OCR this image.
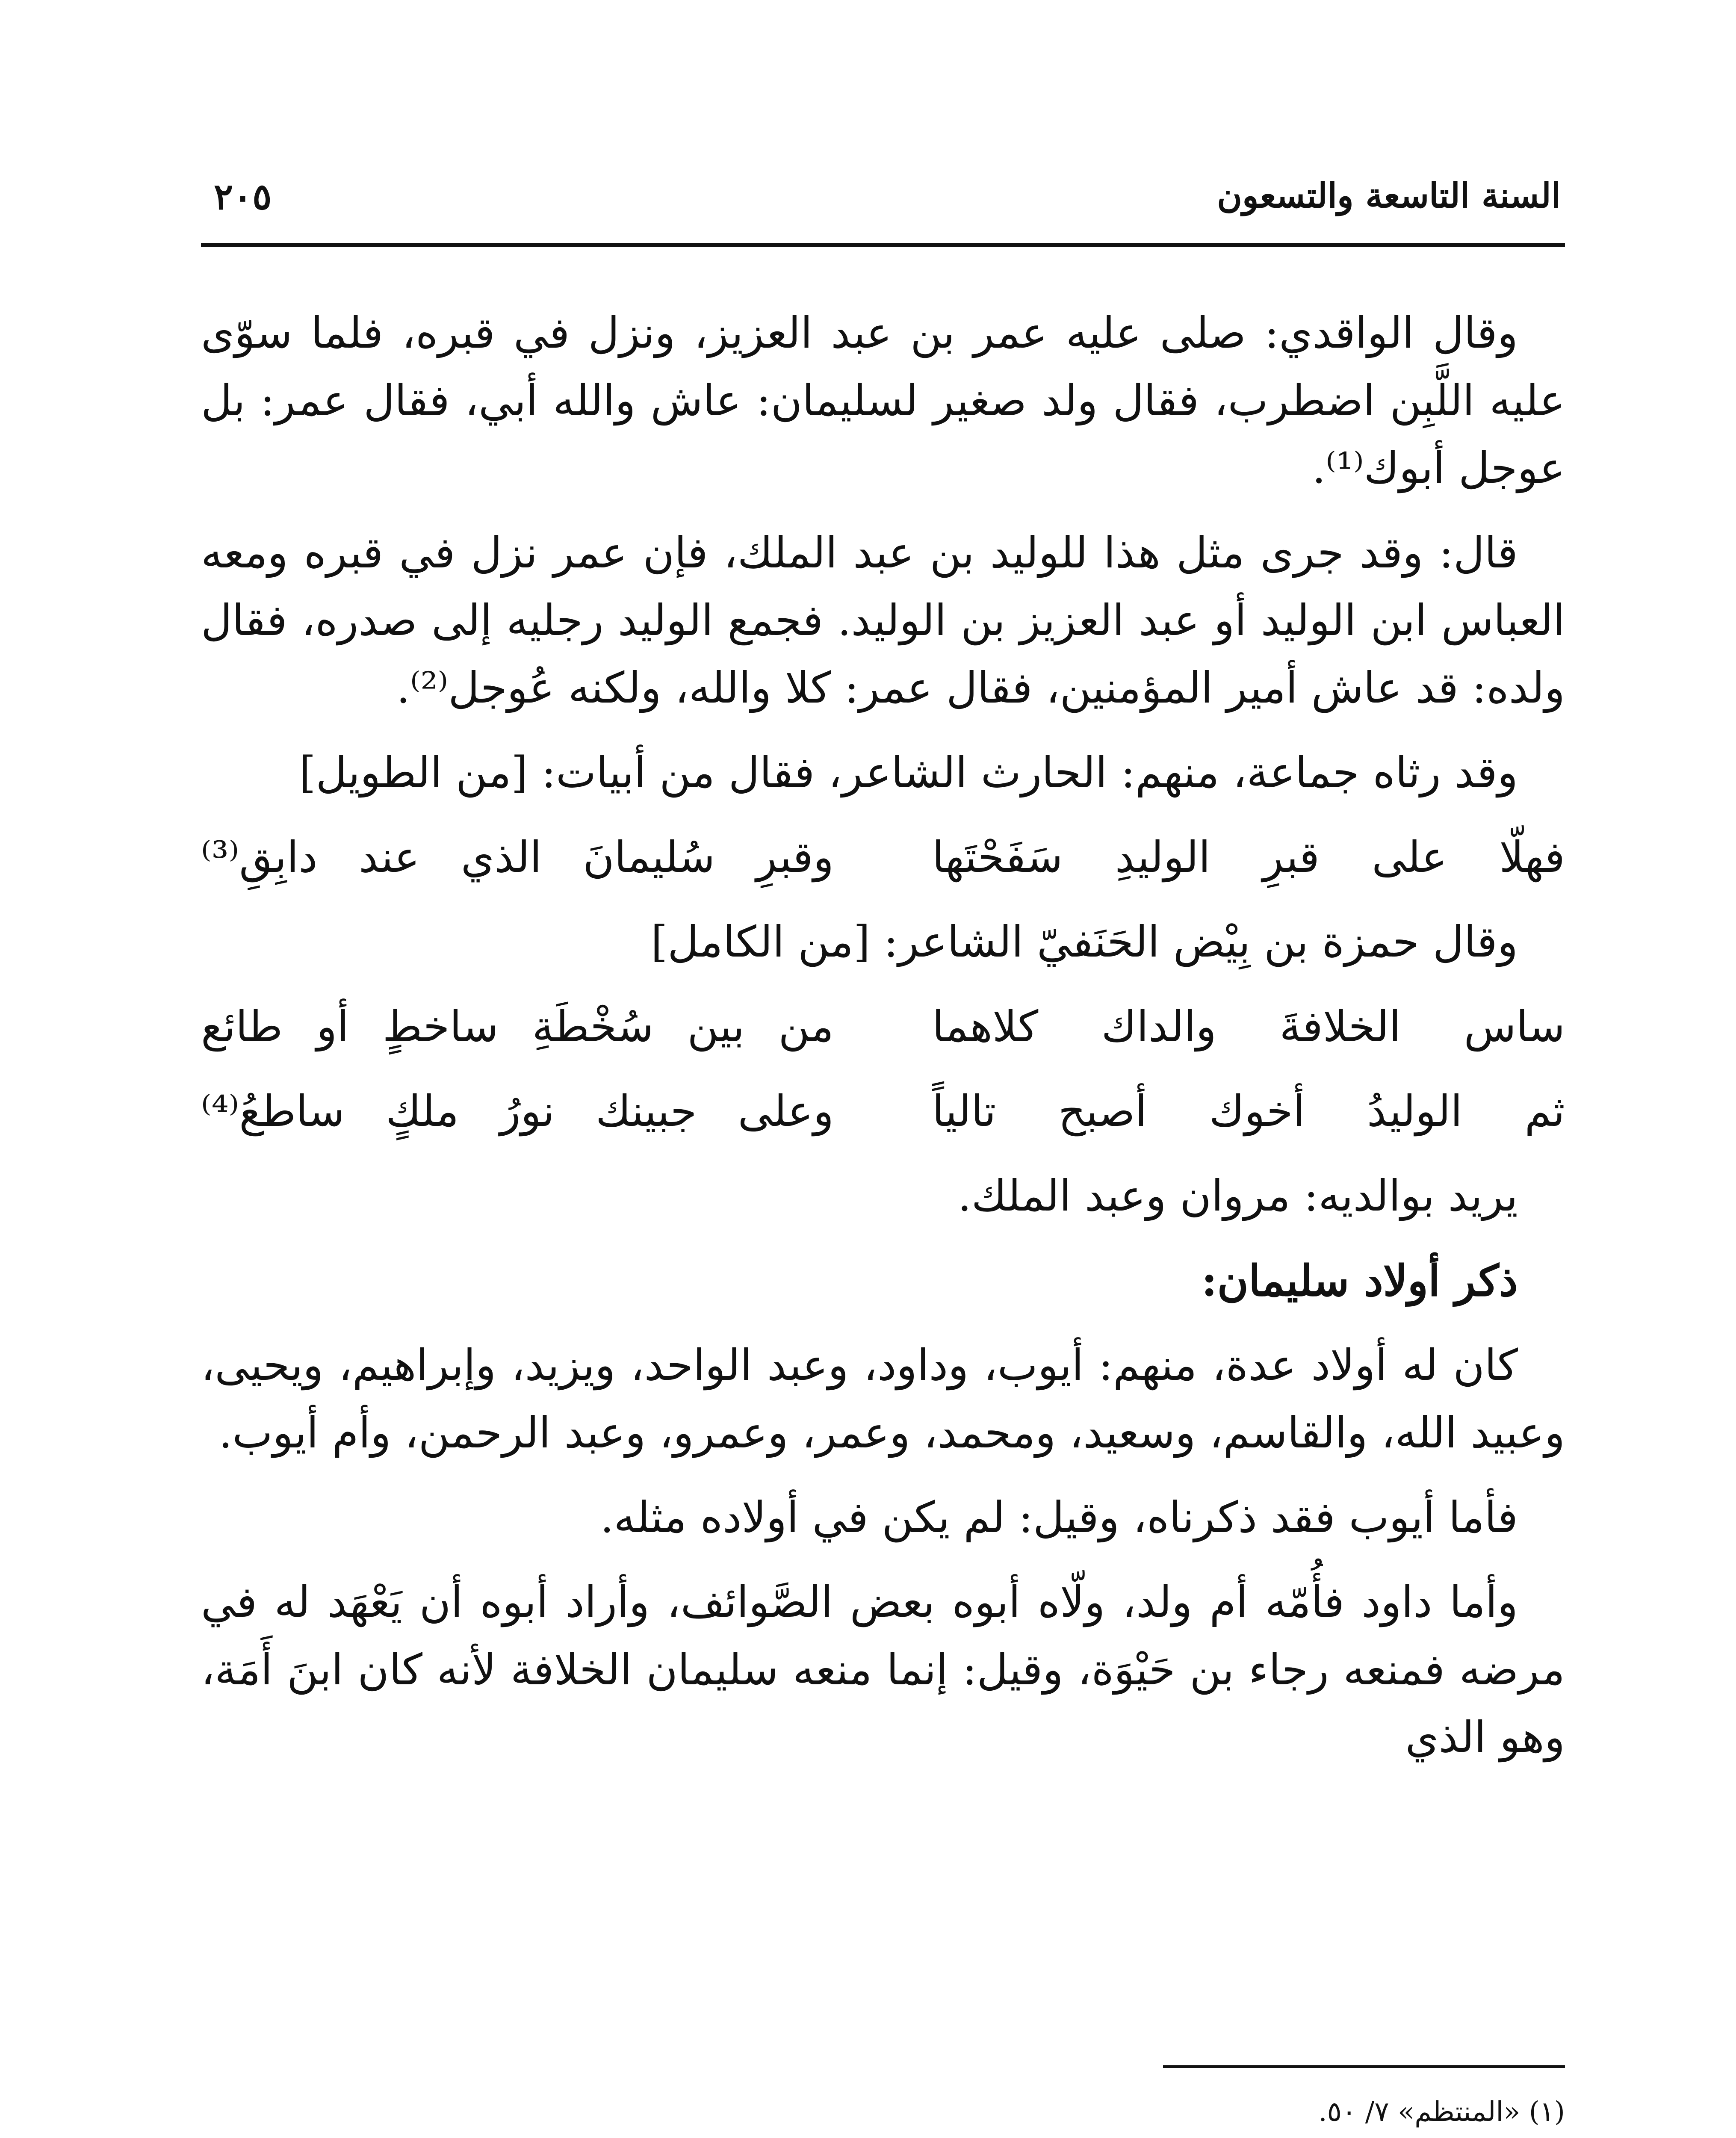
السنة التاسعة والتسعون
٢٠٥

وقال الواقدي: صلى عليه عمر بن عبد العزيز، ونزل في قبره، فلما سوّى عليه اللَّبِن اضطرب، فقال ولد صغير لسليمان: عاش والله أبي، فقال عمر: بل عوجل أبوك⁽¹⁾.

قال: وقد جرى مثل هذا للوليد بن عبد الملك، فإن عمر نزل في قبره ومعه العباس ابن الوليد أو عبد العزيز بن الوليد. فجمع الوليد رجليه إلى صدره، فقال ولده: قد عاش أمير المؤمنين، فقال عمر: كلا والله، ولكنه عُوجل⁽²⁾.

وقد رثاه جماعة، منهم: الحارث الشاعر، فقال من أبيات: [من الطويل]

فهلّا على قبرِ الوليدِ سَفَحْتَها
وقبرِ سُليمانَ الذي عند دابِقِ⁽³⁾

وقال حمزة بن بِيْض الحَنَفيّ الشاعر: [من الكامل]

ساس الخلافةَ والداك كلاهما
من بين سُخْطَةِ ساخطٍ أو طائع
ثم الوليدُ أخوك أصبح تالياً
وعلى جبينك نورُ ملكٍ ساطعُ⁽⁴⁾

يريد بوالديه: مروان وعبد الملك.

ذكر أولاد سليمان:

كان له أولاد عدة، منهم: أيوب، وداود، وعبد الواحد، ويزيد، وإبراهيم، ويحيى، وعبيد الله، والقاسم، وسعيد، ومحمد، وعمر، وعمرو، وعبد الرحمن، وأم أيوب.

فأما أيوب فقد ذكرناه، وقيل: لم يكن في أولاده مثله.

وأما داود فأُمّه أم ولد، ولّاه أبوه بعض الصَّوائف، وأراد أبوه أن يَعْهَد له في مرضه فمنعه رجاء بن حَيْوَة، وقيل: إنما منعه سليمان الخلافة لأنه كان ابنَ أَمَة، وهو الذي

(١) «المنتظم» ٧/ ٥٠.
